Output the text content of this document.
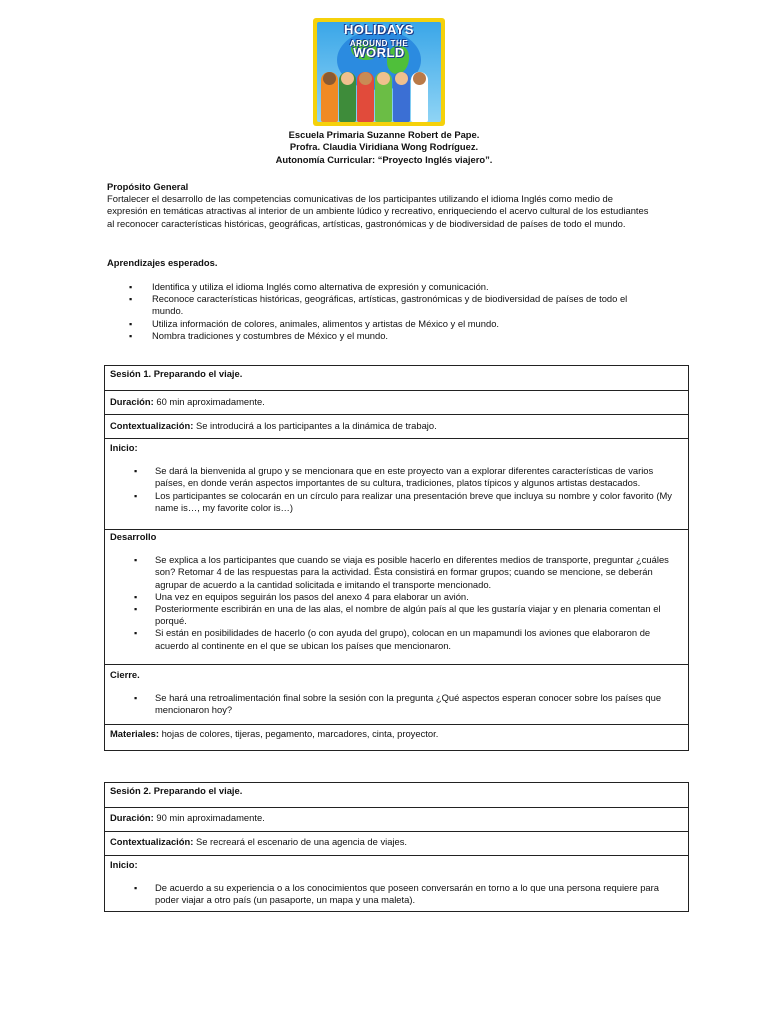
HOLIDAYS
AROUND THE
WORLD
Escuela Primaria Suzanne Robert de Pape.
Profra. Claudia Viridiana Wong Rodríguez.
Autonomía Curricular: “Proyecto Inglés viajero”.
Propósito General
Fortalecer el desarrollo de las competencias comunicativas de los participantes utilizando el idioma Inglés como medio de expresión en temáticas atractivas al interior de un ambiente lúdico y recreativo, enriqueciendo el acervo cultural de los estudiantes al reconocer características históricas, geográficas, artísticas, gastronómicas y de biodiversidad de países de todo el mundo.
Aprendizajes esperados.
▪ Identifica y utiliza el idioma Inglés como alternativa de expresión y comunicación.
▪ Reconoce características históricas, geográficas, artísticas, gastronómicas y de biodiversidad de países de todo el mundo.
▪ Utiliza información de colores, animales, alimentos y artistas de México y el mundo.
▪ Nombra tradiciones y costumbres de México y el mundo.
Sesión 1. Preparando el viaje.
Duración: 60 min aproximadamente.
Contextualización: Se introducirá a los participantes a la dinámica de trabajo.

Inicio:
▪ Se dará la bienvenida al grupo y se mencionara que en este proyecto van a explorar diferentes características de varios países, en donde verán aspectos importantes de su cultura, tradiciones, platos típicos y algunos artistas destacados.
▪ Los participantes se colocarán en un círculo para realizar una presentación breve que incluya su nombre y color favorito (My name is…, my favorite color is…)

Desarrollo
▪ Se explica a los participantes que cuando se viaja es posible hacerlo en diferentes medios de transporte, preguntar ¿cuáles son? Retomar 4 de las respuestas para la actividad. Ésta consistirá en formar grupos; cuando se mencione, se deberán agrupar de acuerdo a la cantidad solicitada e imitando el transporte mencionado.
▪ Una vez en equipos seguirán los pasos del anexo 4 para elaborar un avión.
▪ Posteriormente escribirán en una de las alas, el nombre de algún país al que les gustaría viajar y en plenaria comentan el porqué.
▪ Si están en posibilidades de hacerlo (o con ayuda del grupo), colocan en un mapamundi los aviones que elaboraron de acuerdo al continente en el que se ubican los países que mencionaron.

Cierre.
▪ Se hará una retroalimentación final sobre la sesión con la pregunta ¿Qué aspectos esperan conocer sobre los países que mencionaron hoy?

Materiales: hojas de colores, tijeras, pegamento, marcadores, cinta, proyector.
Sesión 2. Preparando el viaje.
Duración: 90 min aproximadamente.
Contextualización: Se recreará el escenario de una agencia de viajes.

Inicio:
▪ De acuerdo a su experiencia o a los conocimientos que poseen conversarán en torno a lo que una persona requiere para poder viajar a otro país (un pasaporte, un mapa y una maleta).
